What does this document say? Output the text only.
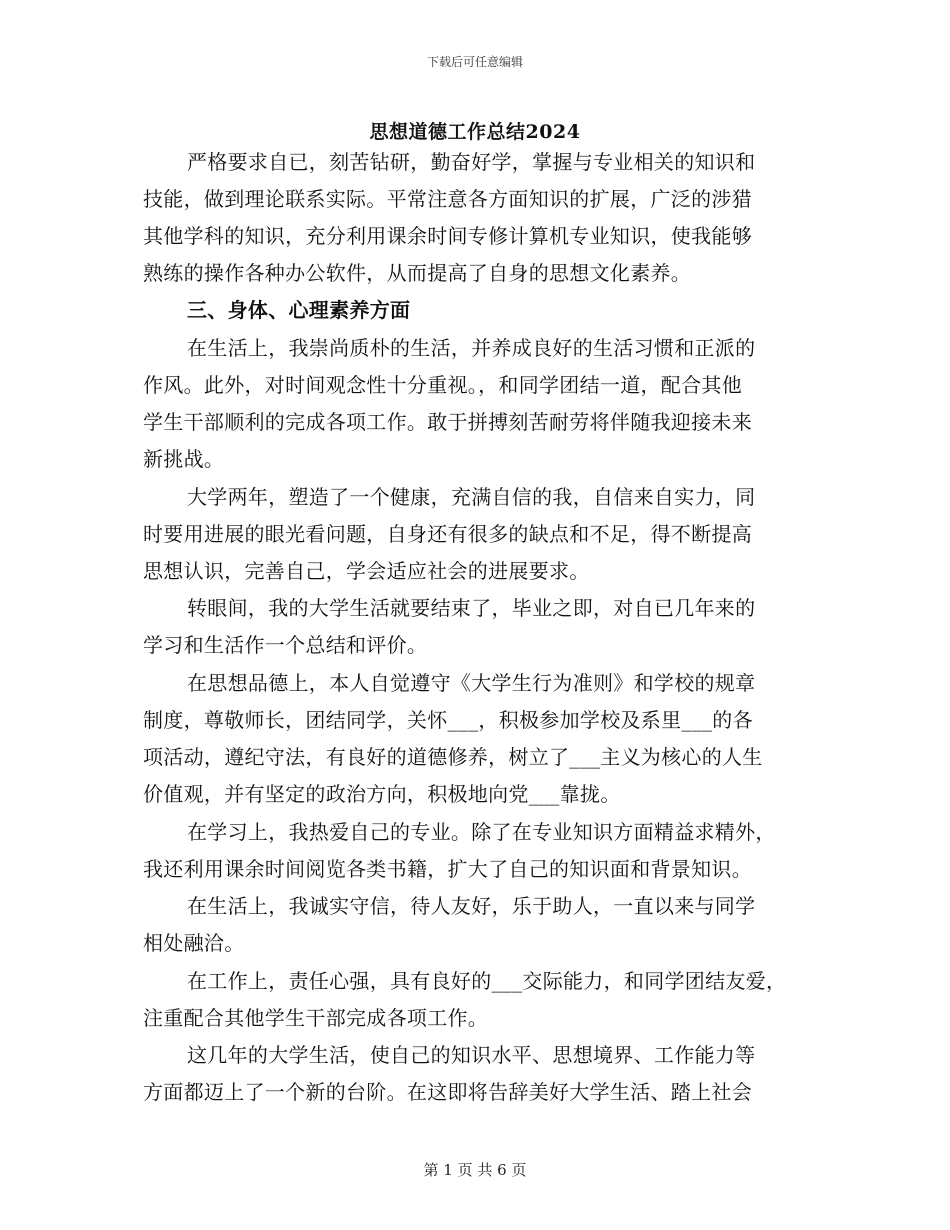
下载后可任意编辑
思想道德工作总结2024
严格要求自已，刻苦钻研，勤奋好学，掌握与专业相关的知识和
技能，做到理论联系实际。平常注意各方面知识的扩展，广泛的涉猎
其他学科的知识，充分利用课余时间专修计算机专业知识，使我能够
熟练的操作各种办公软件，从而提高了自身的思想文化素养。
三、身体、心理素养方面
在生活上，我崇尚质朴的生活，并养成良好的生活习惯和正派的
作风。此外，对时间观念性十分重视。，和同学团结一道，配合其他
学生干部顺利的完成各项工作。敢于拼搏刻苦耐劳将伴随我迎接未来
新挑战。
大学两年，塑造了一个健康，充满自信的我，自信来自实力，同
时要用进展的眼光看问题，自身还有很多的缺点和不足，得不断提高
思想认识，完善自己，学会适应社会的进展要求。
转眼间，我的大学生活就要结束了，毕业之即，对自已几年来的
学习和生活作一个总结和评价。
在思想品德上，本人自觉遵守《大学生行为准则》和学校的规章
制度，尊敬师长，团结同学，关怀___，积极参加学校及系里___的各
项活动，遵纪守法，有良好的道德修养，树立了___主义为核心的人生
价值观，并有坚定的政治方向，积极地向党___靠拢。
在学习上，我热爱自己的专业。除了在专业知识方面精益求精外，
我还利用课余时间阅览各类书籍，扩大了自己的知识面和背景知识。
在生活上，我诚实守信，待人友好，乐于助人，一直以来与同学
相处融洽。
在工作上，责任心强，具有良好的___交际能力，和同学团结友爱，
注重配合其他学生干部完成各项工作。
这几年的大学生活，使自己的知识水平、思想境界、工作能力等
方面都迈上了一个新的台阶。在这即将告辞美好大学生活、踏上社会
第 1 页 共 6 页
